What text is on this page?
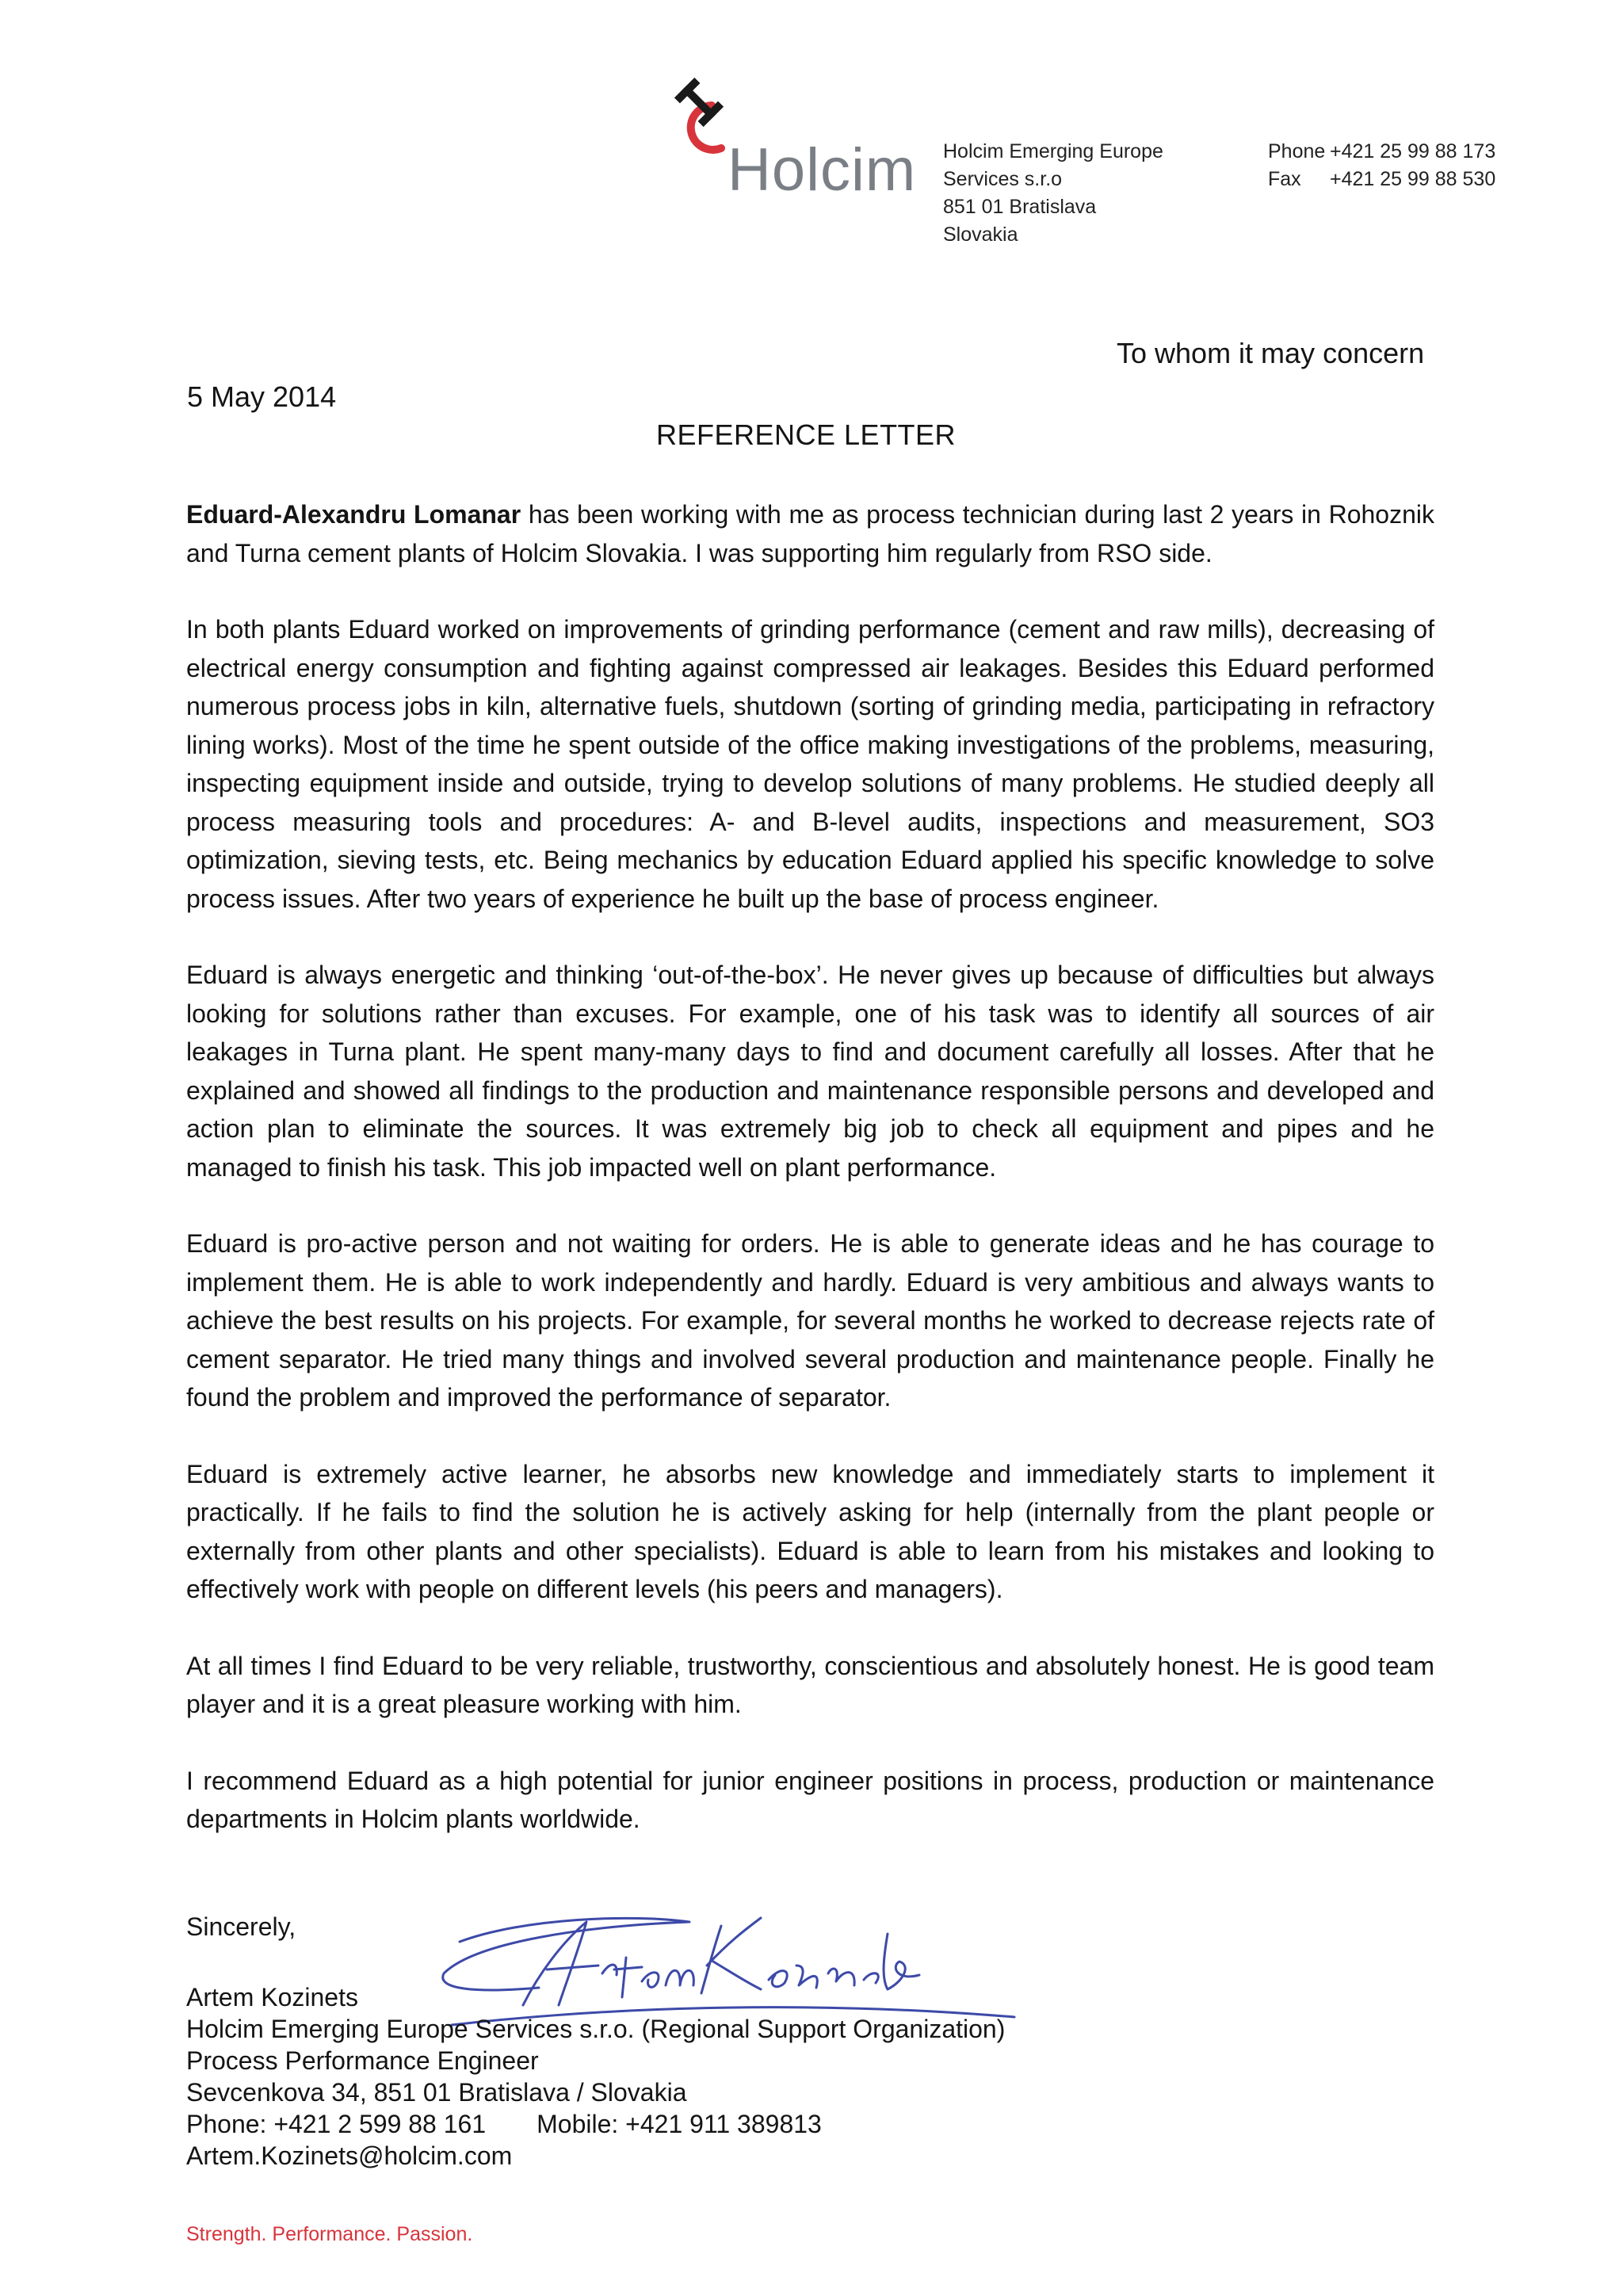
Holcim Holcim Emerging Europe
Services s.r.o
851 01 Bratislava
Slovakia
Phone +421 25 99 88 173
Fax +421 25 99 88 530
To whom it may concern
5 May 2014
REFERENCE LETTER

Eduard-Alexandru Lomanar has been working with me as process technician during last 2 years in Rohoznik and Turna cement plants of Holcim Slovakia. I was supporting him regularly from RSO side.

In both plants Eduard worked on improvements of grinding performance (cement and raw mills), decreasing of electrical energy consumption and fighting against compressed air leakages. Besides this Eduard performed numerous process jobs in kiln, alternative fuels, shutdown (sorting of grinding media, participating in refractory lining works). Most of the time he spent outside of the office making investigations of the problems, measuring, inspecting equipment inside and outside, trying to develop solutions of many problems. He studied deeply all process measuring tools and procedures: A- and B-level audits, inspections and measurement, SO3 optimization, sieving tests, etc. Being mechanics by education Eduard applied his specific knowledge to solve process issues. After two years of experience he built up the base of process engineer.

Eduard is always energetic and thinking ‘out-of-the-box’. He never gives up because of difficulties but always looking for solutions rather than excuses. For example, one of his task was to identify all sources of air leakages in Turna plant. He spent many-many days to find and document carefully all losses. After that he explained and showed all findings to the production and maintenance responsible persons and developed and action plan to eliminate the sources. It was extremely big job to check all equipment and pipes and he managed to finish his task. This job impacted well on plant performance.

Eduard is pro-active person and not waiting for orders. He is able to generate ideas and he has courage to implement them. He is able to work independently and hardly. Eduard is very ambitious and always wants to achieve the best results on his projects. For example, for several months he worked to decrease rejects rate of cement separator. He tried many things and involved several production and maintenance people. Finally he found the problem and improved the performance of separator.

Eduard is extremely active learner, he absorbs new knowledge and immediately starts to implement it practically. If he fails to find the solution he is actively asking for help (internally from the plant people or externally from other plants and other specialists). Eduard is able to learn from his mistakes and looking to effectively work with people on different levels (his peers and managers).

At all times I find Eduard to be very reliable, trustworthy, conscientious and absolutely honest. He is good team player and it is a great pleasure working with him.

I recommend Eduard as a high potential for junior engineer positions in process, production or maintenance departments in Holcim plants worldwide.

Sincerely,
Artem Kozinets
Holcim Emerging Europe Services s.r.o. (Regional Support Organization)
Process Performance Engineer
Sevcenkova 34, 851 01 Bratislava / Slovakia
Phone: +421 2 599 88 161 Mobile: +421 911 389813
Artem.Kozinets@holcim.com
Strength. Performance. Passion.
